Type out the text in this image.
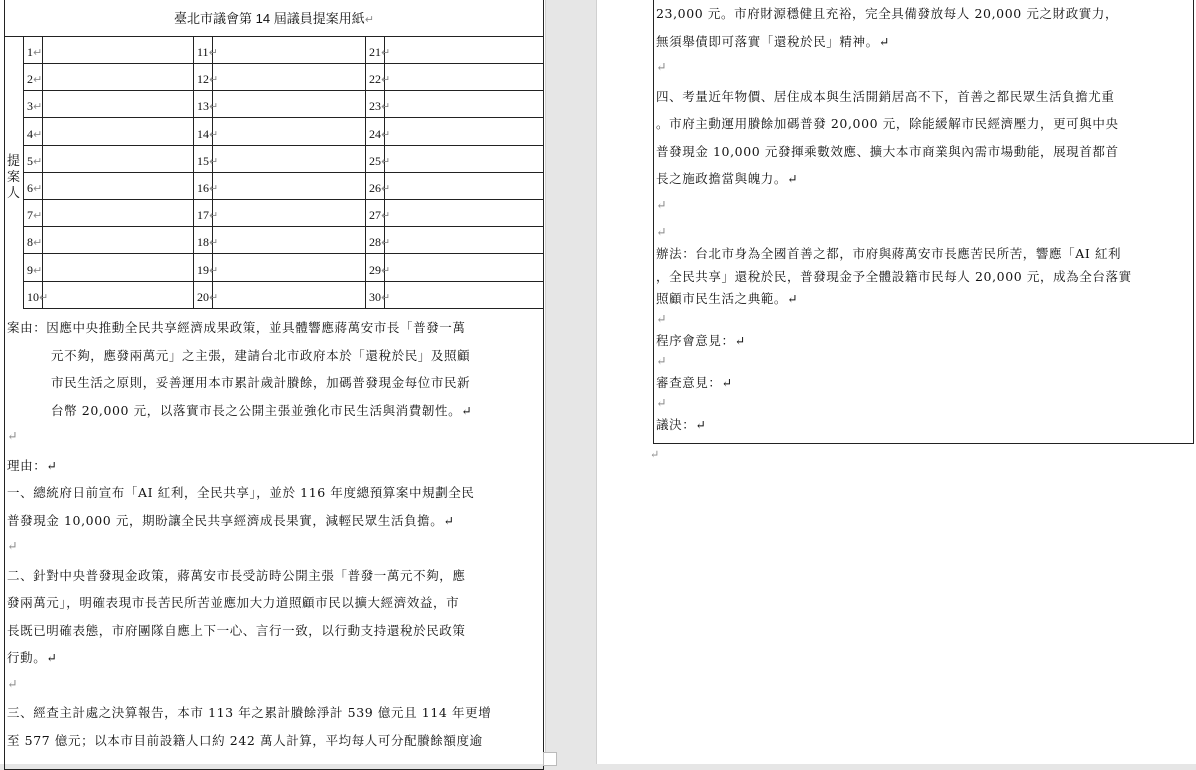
臺北市議會第 14 屆議員提案用紙↵
提
案
人
1↵	11↵	21↵
2↵	12↵	22↵
3↵	13↵	23↵
4↵	14↵	24↵
5↵	15↵	25↵
6↵	16↵	26↵
7↵	17↵	27↵
8↵	18↵	28↵
9↵	19↵	29↵
10↵	20↵	30↵
案由：因應中央推動全民共享經濟成果政策，並具體響應蔣萬安市長「普發一萬
元不夠，應發兩萬元」之主張，建請台北市政府本於「還稅於民」及照顧
市民生活之原則，妥善運用本市累計歲計賸餘，加碼普發現金每位市民新
台幣 20,000 元，以落實市長之公開主張並強化市民生活與消費韌性。↵
↵
理由：↵
一、總統府日前宣布「AI 紅利，全民共享」，並於 116 年度總預算案中規劃全民
普發現金 10,000 元，期盼讓全民共享經濟成長果實，減輕民眾生活負擔。↵
↵
二、針對中央普發現金政策，蔣萬安市長受訪時公開主張「普發一萬元不夠，應
發兩萬元」，明確表現市長苦民所苦並應加大力道照顧市民以擴大經濟效益，市
長既已明確表態，市府團隊自應上下一心、言行一致，以行動支持還稅於民政策
行動。↵
↵
三、經查主計處之決算報告，本市 113 年之累計賸餘淨計 539 億元且 114 年更增
至 577 億元；以本市目前設籍人口約 242 萬人計算，平均每人可分配賸餘額度逾
23,000 元。市府財源穩健且充裕，完全具備發放每人 20,000 元之財政實力，
無須舉債即可落實「還稅於民」精神。↵
↵
四、考量近年物價、居住成本與生活開銷居高不下，首善之都民眾生活負擔尤重
。市府主動運用賸餘加碼普發 20,000 元，除能緩解市民經濟壓力，更可與中央
普發現金 10,000 元發揮乘數效應、擴大本市商業與內需市場動能，展現首都首
長之施政擔當與魄力。↵
↵
↵
辦法：台北市身為全國首善之都，市府與蔣萬安市長應苦民所苦，響應「AI 紅利
，全民共享」還稅於民，普發現金予全體設籍市民每人 20,000 元，成為全台落實
照顧市民生活之典範。↵
↵
程序會意見：↵
↵
審查意見：↵
↵
議決：↵
↵
